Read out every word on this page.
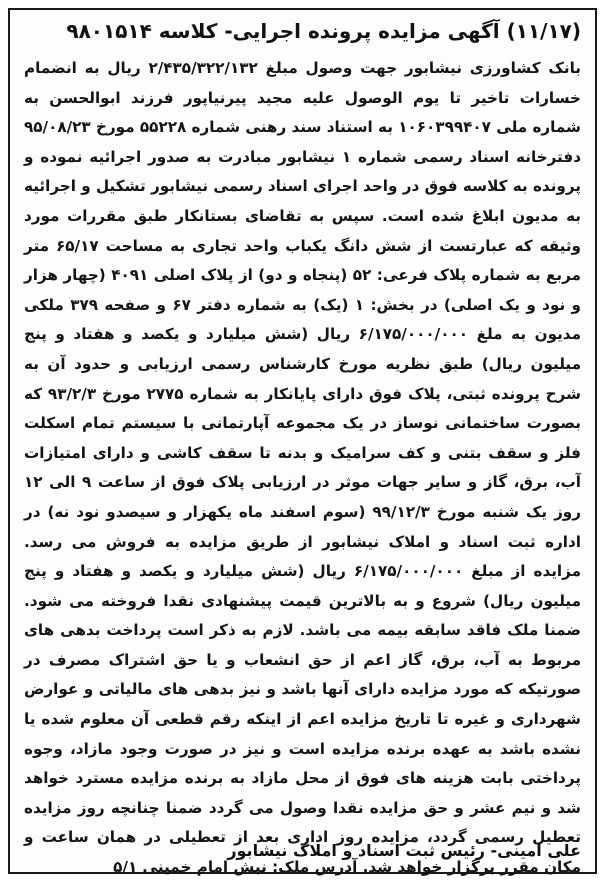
(۱۱/۱۷) آگهی مزایده پرونده اجرایی- کلاسه ۹۸۰۱۵۱۴

بانک کشاورزی نیشابور جهت وصول مبلغ ۲/۴۳۵/۳۲۲/۱۳۲ ریال به انضمام خسارات تاخیر تا یوم الوصول علیه مجید پیرنیاپور فرزند ابوالحسن به شماره ملی ۱۰۶۰۳۹۹۴۰۷ به استناد سند رهنی شماره ۵۵۲۲۸ مورخ ۹۵/۰۸/۲۳ دفترخانه اسناد رسمی شماره ۱ نیشابور مبادرت به صدور اجرائیه نموده و پرونده به کلاسه فوق در واحد اجرای اسناد رسمی نیشابور تشکیل و اجرائیه به مدیون ابلاغ شده است. سپس به تقاضای بستانکار طبق مقررات مورد وثیقه که عبارتست از شش دانگ یکباب واحد تجاری به مساحت ۶۵/۱۷ متر مربع به شماره پلاک فرعی: ۵۲ (پنجاه و دو) از پلاک اصلی ۴۰۹۱ (چهار هزار و نود و یک اصلی) در بخش: ۱ (یک) به شماره دفتر ۶۷ و صفحه ۳۷۹ ملکی مدیون به ملغ ۶/۱۷۵/۰۰۰/۰۰۰ ریال (شش میلیارد و یکصد و هفتاد و پنج میلیون ریال) طبق نظریه مورخ کارشناس رسمی ارزیابی و حدود آن به شرح پرونده ثبتی، پلاک فوق دارای پایانکار به شماره ۲۷۷۵ مورخ ۹۳/۲/۳ که بصورت ساختمانی نوساز در یک مجموعه آپارتمانی با سیستم تمام اسکلت فلز و سقف بتنی و کف سرامیک و بدنه تا سقف کاشی و دارای امتیازات آب، برق، گاز و سایر جهات موثر در ارزیابی پلاک فوق از ساعت ۹ الی ۱۲ روز یک شنبه مورخ ۹۹/۱۲/۳ (سوم اسفند ماه یکهزار و سیصدو نود نه) در اداره ثبت اسناد و املاک نیشابور از طریق مزایده به فروش می رسد. مزایده از مبلغ ۶/۱۷۵/۰۰۰/۰۰۰ ریال (شش میلیارد و یکصد و هفتاد و پنج میلیون ریال) شروع و به بالاترین قیمت پیشنهادی نقدا فروخته می شود. ضمنا ملک فاقد سابقه بیمه می باشد. لازم به ذکر است پرداخت بدهی های مربوط به آب، برق، گاز اعم از حق انشعاب و یا حق اشتراک مصرف در صورتیکه که مورد مزایده دارای آنها باشد و نیز بدهی های مالیاتی و عوارض شهرداری و غیره تا تاریخ مزایده اعم از اینکه رقم قطعی آن معلوم شده یا نشده باشد به عهده برنده مزایده است و نیز در صورت وجود مازاد، وجوه پرداختی بابت هزینه های فوق از محل مازاد به برنده مزایده مسترد خواهد شد و نیم عشر و حق مزایده نقدا وصول می گردد ضمنا چنانچه روز مزایده تعطیل رسمی گردد، مزایده روز اداری بعد از تعطیلی در همان ساعت و مکان مقرر برگزار خواهد شد. آدرس ملک: نبش امام خمینی ۵/۱

علی امینی- رئیس ثبت اسناد و املاک نیشابور
